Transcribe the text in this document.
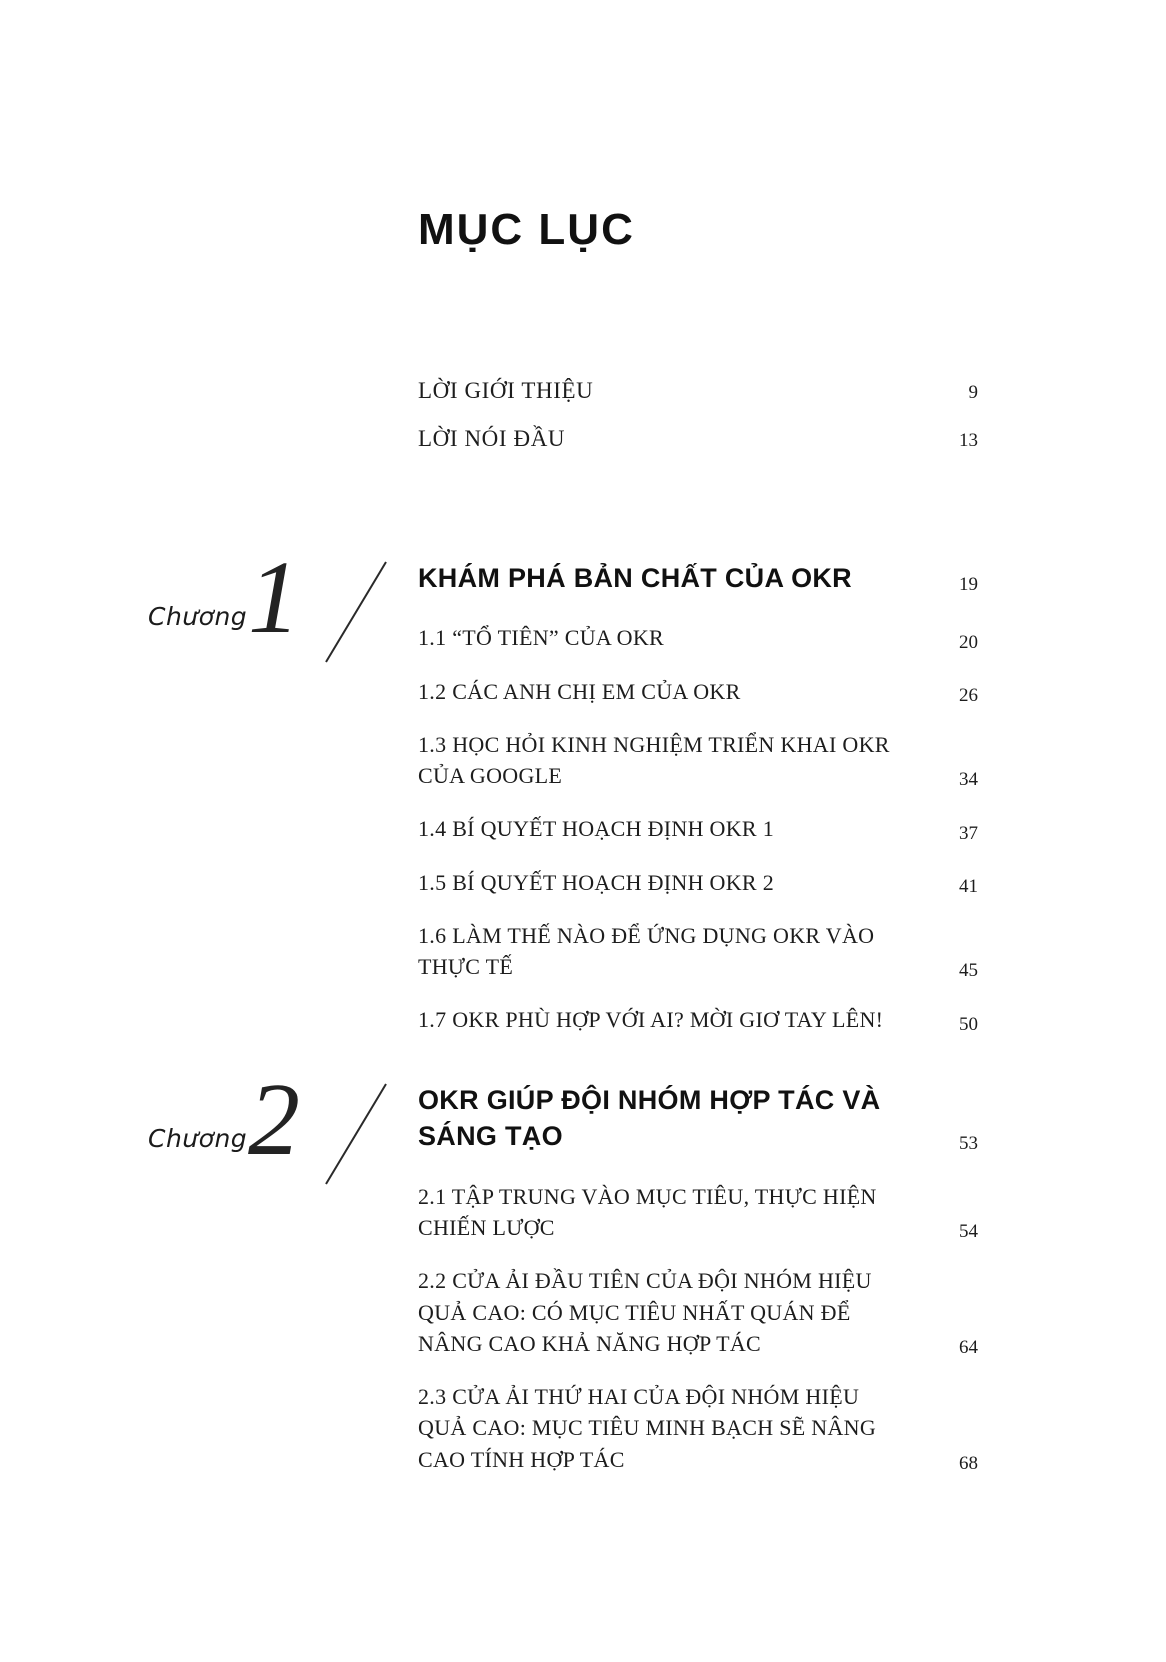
MỤC LỤC
LỜI GIỚI THIỆU	9
LỜI NÓI ĐẦU	13
Chương 1	KHÁM PHÁ BẢN CHẤT CỦA OKR	19
1.1 “TỔ TIÊN” CỦA OKR	20
1.2 CÁC ANH CHỊ EM CỦA OKR	26
1.3 HỌC HỎI KINH NGHIỆM TRIỂN KHAI OKR CỦA GOOGLE	34
1.4 BÍ QUYẾT HOẠCH ĐỊNH OKR 1	37
1.5 BÍ QUYẾT HOẠCH ĐỊNH OKR 2	41
1.6 LÀM THẾ NÀO ĐỂ ỨNG DỤNG OKR VÀO THỰC TẾ	45
1.7 OKR PHÙ HỢP VỚI AI? MỜI GIƠ TAY LÊN!	50
Chương 2	OKR GIÚP ĐỘI NHÓM HỢP TÁC VÀ SÁNG TẠO	53
2.1 TẬP TRUNG VÀO MỤC TIÊU, THỰC HIỆN CHIẾN LƯỢC	54
2.2 CỬA ẢI ĐẦU TIÊN CỦA ĐỘI NHÓM HIỆU QUẢ CAO: CÓ MỤC TIÊU NHẤT QUÁN ĐỂ NÂNG CAO KHẢ NĂNG HỢP TÁC	64
2.3 CỬA ẢI THỨ HAI CỦA ĐỘI NHÓM HIỆU QUẢ CAO: MỤC TIÊU MINH BẠCH SẼ NÂNG CAO TÍNH HỢP TÁC	68
